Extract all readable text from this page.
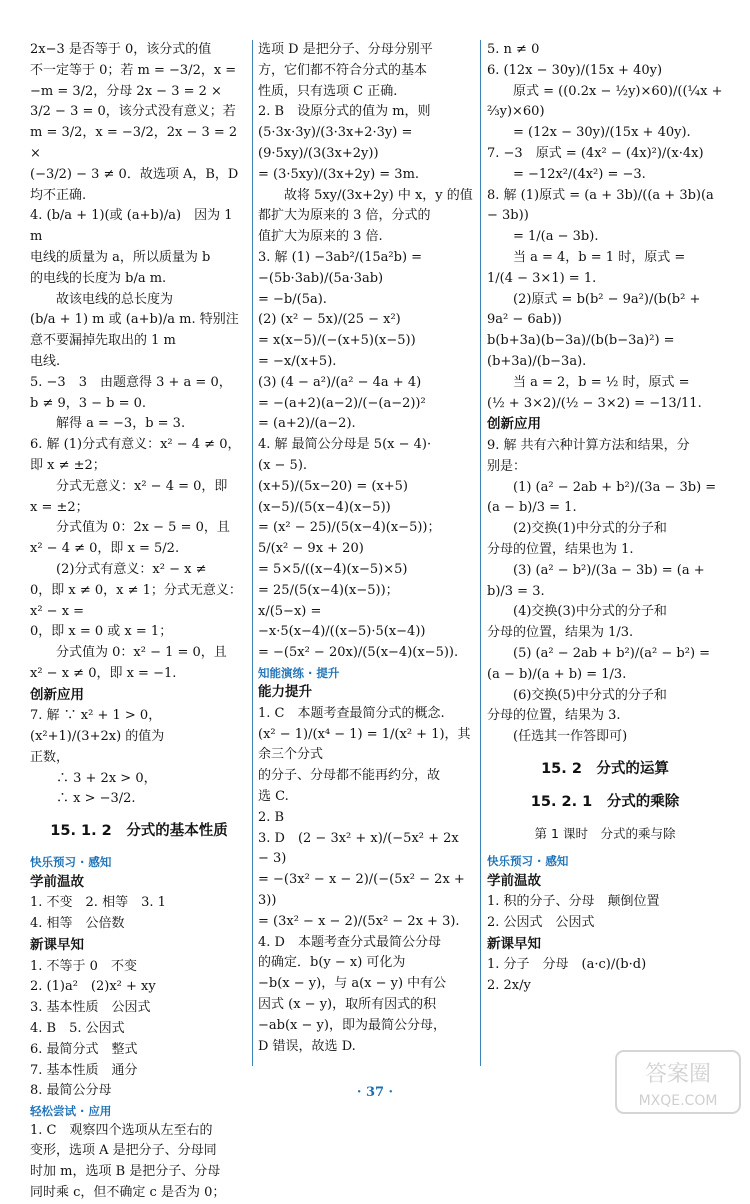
2x−3 是否等于 0，该分式的值

不一定等于 0；若 m = −3/2，x =

−m = 3/2，分母 2x − 3 = 2 ×

3/2 − 3 = 0，该分式没有意义；若

m = 3/2，x = −3/2，2x − 3 = 2 ×

(−3/2) − 3 ≠ 0．故选项 A，B，D

均不正确.

4. (b/a + 1)(或 (a+b)/a)　因为 1 m

电线的质量为 a，所以质量为 b

的电线的长度为 b/a m.

　　故该电线的总长度为

(b/a + 1) m 或 (a+b)/a m. 特别注

意不要漏掉先取出的 1 m

电线.

5. −3　3　由题意得 3 + a = 0，

b ≠ 9，3 − b = 0.

　　解得 a = −3，b = 3.

6. 解 (1)分式有意义：x² − 4 ≠ 0，

即 x ≠ ±2；

　　分式无意义：x² − 4 = 0，即

x = ±2；

　　分式值为 0：2x − 5 = 0，且

x² − 4 ≠ 0，即 x = 5/2.

　　(2)分式有意义：x² − x ≠

0，即 x ≠ 0，x ≠ 1；分式无意义：x² − x =

0，即 x = 0 或 x = 1；

　　分式值为 0：x² − 1 = 0，且

x² − x ≠ 0，即 x = −1.

创新应用

7. 解 ∵ x² + 1 > 0，(x²+1)/(3+2x) 的值为

正数，

　　∴ 3 + 2x > 0，

　　∴ x > −3/2.

15. 1. 2　分式的基本性质

快乐预习 · 感知

学前温故

1. 不变　2. 相等　3. 1

4. 相等　公倍数

新课早知

1. 不等于 0　不变

2. (1)a²　(2)x² + xy

3. 基本性质　公因式

4. B　5. 公因式

6. 最简分式　整式

7. 基本性质　通分

8. 最简公分母

轻松尝试 · 应用

1. C　观察四个选项从左至右的

变形，选项 A 是把分子、分母同

时加 m，选项 B 是把分子、分母

同时乘 c，但不确定 c 是否为 0；

选项 D 是把分子、分母分别平

方，它们都不符合分式的基本

性质，只有选项 C 正确.

2. B　设原分式的值为 m，则

(5·3x·3y)/(3·3x+2·3y) = (9·5xy)/(3(3x+2y))

= (3·5xy)/(3x+2y) = 3m.

　　故将 5xy/(3x+2y) 中 x，y 的值

都扩大为原来的 3 倍，分式的

值扩大为原来的 3 倍.

3. 解 (1) −3ab²/(15a²b) = −(5b·3ab)/(5a·3ab)

= −b/(5a).

(2) (x² − 5x)/(25 − x²)

= x(x−5)/(−(x+5)(x−5))

= −x/(x+5).

(3) (4 − a²)/(a² − 4a + 4)

= −(a+2)(a−2)/(−(a−2))²

= (a+2)/(a−2).

4. 解 最简公分母是 5(x − 4)·

(x − 5).

(x+5)/(5x−20) = (x+5)(x−5)/(5(x−4)(x−5))

= (x² − 25)/(5(x−4)(x−5))；

5/(x² − 9x + 20)

= 5×5/((x−4)(x−5)×5)

= 25/(5(x−4)(x−5))；

x/(5−x) = −x·5(x−4)/((x−5)·5(x−4))

= −(5x² − 20x)/(5(x−4)(x−5)).

知能演练 · 提升

能力提升

1. C　本题考查最简分式的概念.

(x² − 1)/(x⁴ − 1) = 1/(x² + 1)，其余三个分式

的分子、分母都不能再约分，故

选 C.

2. B

3. D　(2 − 3x² + x)/(−5x² + 2x − 3)

= −(3x² − x − 2)/(−(5x² − 2x + 3))

= (3x² − x − 2)/(5x² − 2x + 3).

4. D　本题考查分式最简公分母

的确定．b(y − x) 可化为

−b(x − y)，与 a(x − y) 中有公

因式 (x − y)，取所有因式的积

−ab(x − y)，即为最简公分母，

D 错误，故选 D.

5. n ≠ 0

6. (12x − 30y)/(15x + 40y)

　　原式 = ((0.2x − ½y)×60)/((¼x + ⅔y)×60)

　　= (12x − 30y)/(15x + 40y).

7. −3　原式 = (4x² − (4x)²)/(x·4x)

　　= −12x²/(4x²) = −3.

8. 解 (1)原式 = (a + 3b)/((a + 3b)(a − 3b))

　　= 1/(a − 3b).

　　当 a = 4，b = 1 时，原式 =

1/(4 − 3×1) = 1.

　　(2)原式 = b(b² − 9a²)/(b(b² + 9a² − 6ab))

b(b+3a)(b−3a)/(b(b−3a)²) = (b+3a)/(b−3a).

　　当 a = 2，b = ½ 时，原式 =

(½ + 3×2)/(½ − 3×2) = −13/11.

创新应用

9. 解 共有六种计算方法和结果，分

别是：

　　(1) (a² − 2ab + b²)/(3a − 3b) = (a − b)/3 = 1.

　　(2)交换(1)中分式的分子和

分母的位置，结果也为 1.

　　(3) (a² − b²)/(3a − 3b) = (a + b)/3 = 3.

　　(4)交换(3)中分式的分子和

分母的位置，结果为 1/3.

　　(5) (a² − 2ab + b²)/(a² − b²) = (a − b)/(a + b) = 1/3.

　　(6)交换(5)中分式的分子和

分母的位置，结果为 3.

　　(任选其一作答即可)

15. 2　分式的运算

15. 2. 1　分式的乘除

第 1 课时　分式的乘与除

快乐预习 · 感知

学前温故

1. 积的分子、分母　颠倒位置

2. 公因式　公因式

新课早知

1. 分子　分母　(a·c)/(b·d)

2. 2x/y

· 37 ·
答案圈
MXQE.COM
